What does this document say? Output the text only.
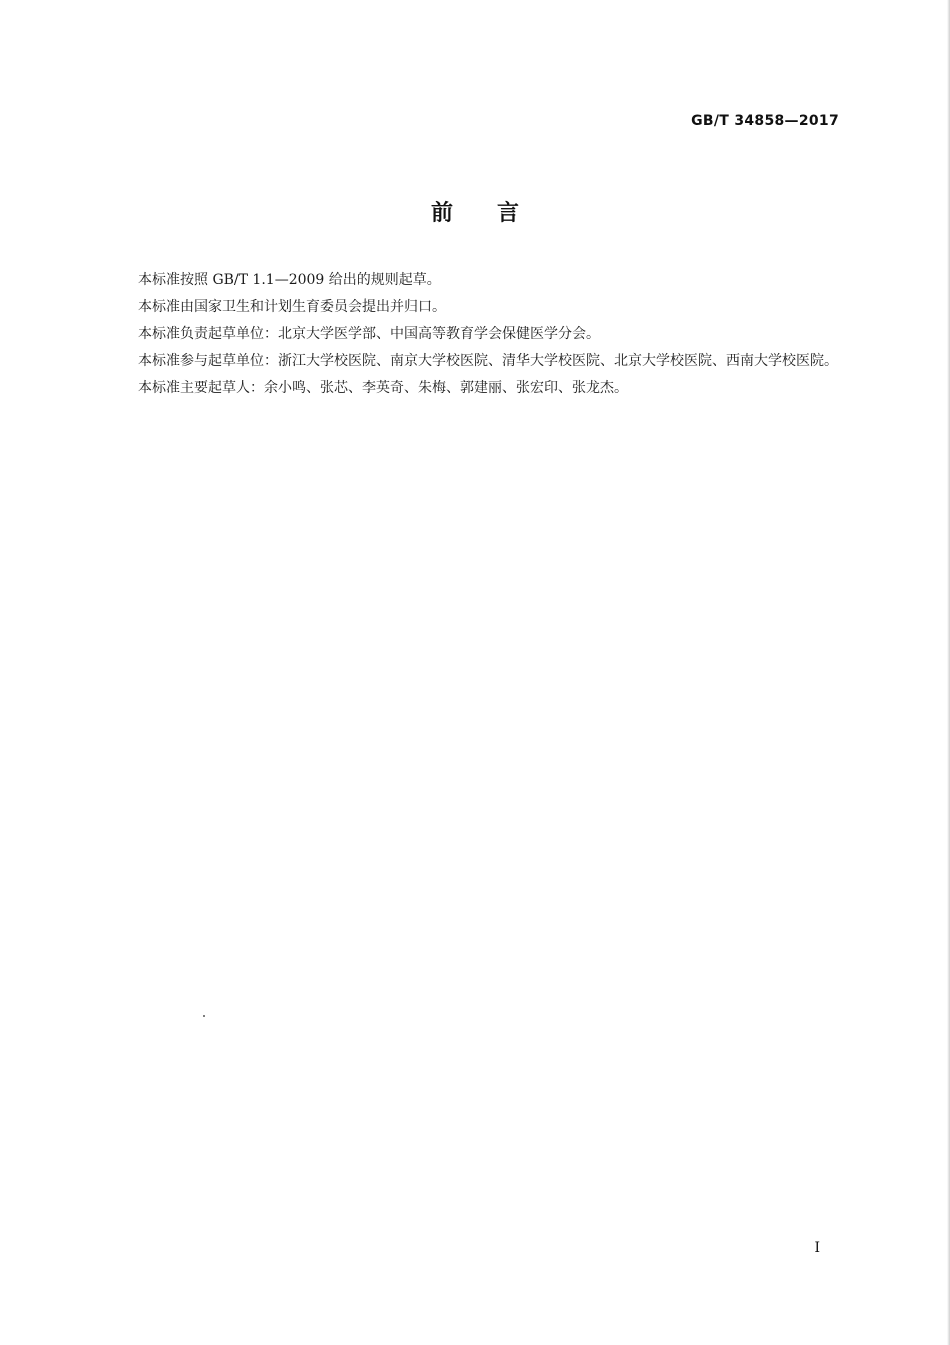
GB/T 34858—2017
前言

本标准按照 GB/T 1.1—2009 给出的规则起草。

本标准由国家卫生和计划生育委员会提出并归口。

本标准负责起草单位：北京大学医学部、中国高等教育学会保健医学分会。

本标准参与起草单位：浙江大学校医院、南京大学校医院、清华大学校医院、北京大学校医院、西南大学校医院。

本标准主要起草人：余小鸣、张芯、李英奇、朱梅、郭建丽、张宏印、张龙杰。

I
